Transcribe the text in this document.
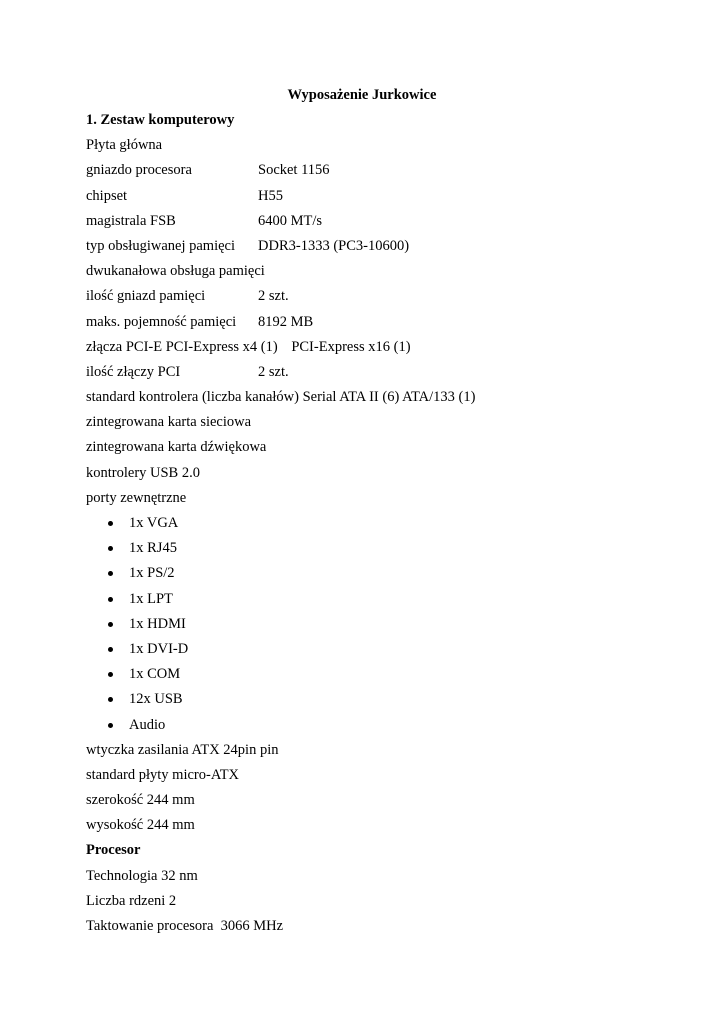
Wyposażenie Jurkowice

1. Zestaw komputerowy
Płyta główna
gniazdo procesora	Socket 1156
chipset	H55
magistrala FSB	6400 MT/s
typ obsługiwanej pamięci DDR3-1333 (PC3-10600)
dwukanałowa obsługa pamięci
ilość gniazd pamięci	2 szt.
maks. pojemność pamięci 8192 MB
złącza PCI-E PCI-Express x4 (1) PCI-Express x16 (1)
ilość złączy PCI	2 szt.
standard kontrolera (liczba kanałów) Serial ATA II (6) ATA/133 (1)
zintegrowana karta sieciowa
zintegrowana karta dźwiękowa
kontrolery USB 2.0
porty zewnętrzne
1x VGA
1x RJ45
1x PS/2
1x LPT
1x HDMI
1x DVI-D
1x COM
12x USB
Audio
wtyczka zasilania ATX 24pin pin
standard płyty micro-ATX
szerokość 244 mm
wysokość 244 mm
Procesor
Technologia 32 nm
Liczba rdzeni 2
Taktowanie procesora  3066 MHz
